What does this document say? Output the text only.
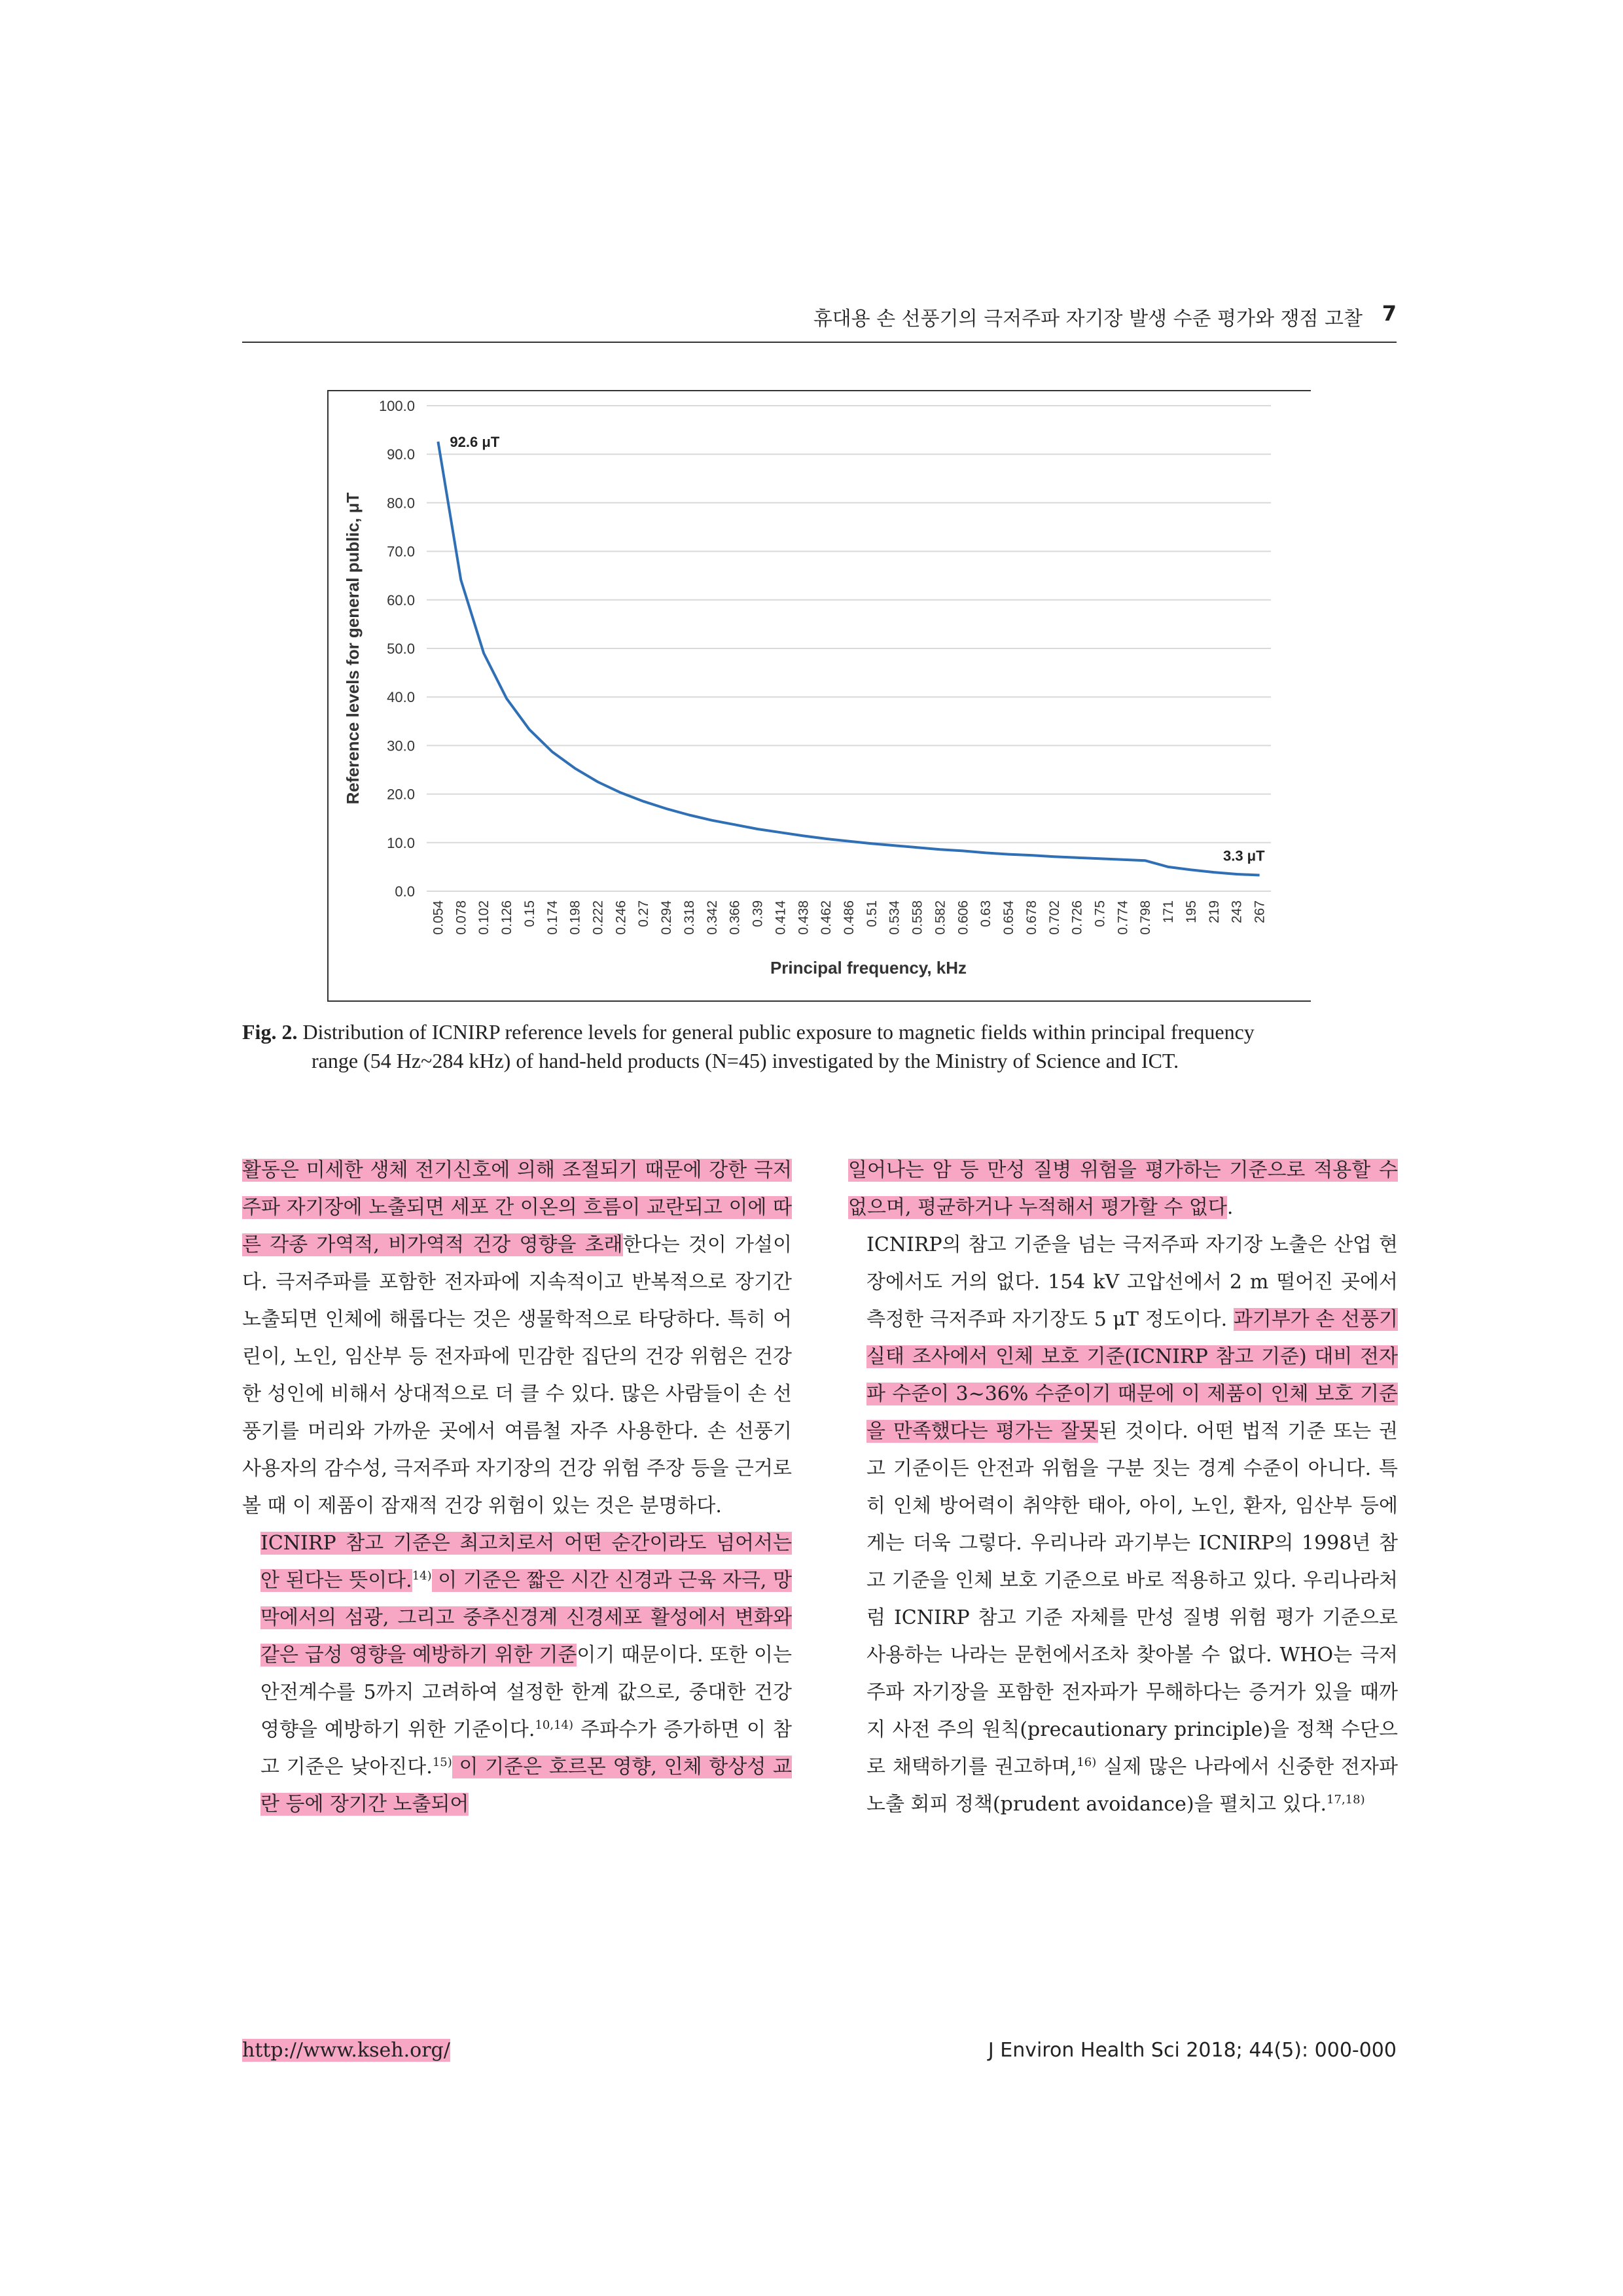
휴대용 손 선풍기의 극저주파 자기장 발생 수준 평가와 쟁점 고찰 7
100.0
90.0
80.0
70.0
60.0
50.0
40.0
30.0
20.0
10.0
0.0
0.054 0.078 0.102 0.126 0.15 0.174 0.198 0.222 0.246 0.27 0.294 0.318 0.342 0.366 0.39 0.414 0.438 0.462 0.486 0.51 0.534 0.558 0.582 0.606 0.63 0.654 0.678 0.702 0.726 0.75 0.774 0.798 171 195 219 243 267
92.6 μT
3.3 μT
Reference levels for general public, μT
Principal frequency, kHz
Fig. 2. Distribution of ICNIRP reference levels for general public exposure to magnetic fields within principal frequency
range (54 Hz~284 kHz) of hand-held products (N=45) investigated by the Ministry of Science and ICT.

활동은 미세한 생체 전기신호에 의해 조절되기 때문에 강한 극저주파 자기장에 노출되면 세포 간 이온의 흐름이 교란되고 이에 따른 각종 가역적, 비가역적 건강 영향을 초래한다는 것이 가설이다. 극저주파를 포함한 전자파에 지속적이고 반복적으로 장기간 노출되면 인체에 해롭다는 것은 생물학적으로 타당하다. 특히 어린이, 노인, 임산부 등 전자파에 민감한 집단의 건강 위험은 건강한 성인에 비해서 상대적으로 더 클 수 있다. 많은 사람들이 손 선풍기를 머리와 가까운 곳에서 여름철 자주 사용한다. 손 선풍기 사용자의 감수성, 극저주파 자기장의 건강 위험 주장 등을 근거로 볼 때 이 제품이 잠재적 건강 위험이 있는 것은 분명하다.

ICNIRP 참고 기준은 최고치로서 어떤 순간이라도 넘어서는 안 된다는 뜻이다.$^{14)}$ 이 기준은 짧은 시간 신경과 근육 자극, 망막에서의 섬광, 그리고 중추신경계 신경세포 활성에서 변화와 같은 급성 영향을 예방하기 위한 기준이기 때문이다. 또한 이는 안전계수를 5까지 고려하여 설정한 한계 값으로, 중대한 건강 영향을 예방하기 위한 기준이다.$^{10,14)}$ 주파수가 증가하면 이 참고 기준은 낮아진다.$^{15)}$ 이 기준은 호르몬 영향, 인체 항상성 교란 등에 장기간 노출되어

일어나는 암 등 만성 질병 위험을 평가하는 기준으로 적용할 수 없으며, 평균하거나 누적해서 평가할 수 없다.

ICNIRP의 참고 기준을 넘는 극저주파 자기장 노출은 산업 현장에서도 거의 없다. 154 kV 고압선에서 2 m 떨어진 곳에서 측정한 극저주파 자기장도 5 μT 정도이다. 과기부가 손 선풍기 실태 조사에서 인체 보호 기준(ICNIRP 참고 기준) 대비 전자파 수준이 3~36% 수준이기 때문에 이 제품이 인체 보호 기준을 만족했다는 평가는 잘못된 것이다. 어떤 법적 기준 또는 권고 기준이든 안전과 위험을 구분 짓는 경계 수준이 아니다. 특히 인체 방어력이 취약한 태아, 아이, 노인, 환자, 임산부 등에게는 더욱 그렇다. 우리나라 과기부는 ICNIRP의 1998년 참고 기준을 인체 보호 기준으로 바로 적용하고 있다. 우리나라처럼 ICNIRP 참고 기준 자체를 만성 질병 위험 평가 기준으로 사용하는 나라는 문헌에서조차 찾아볼 수 없다. WHO는 극저주파 자기장을 포함한 전자파가 무해하다는 증거가 있을 때까지 사전 주의 원칙(precautionary principle)을 정책 수단으로 채택하기를 권고하며,$^{16)}$ 실제 많은 나라에서 신중한 전자파 노출 회피 정책(prudent avoidance)을 펼치고 있다.$^{17,18)}$

http://www.kseh.org/	J Environ Health Sci 2018; 44(5): 000-000
